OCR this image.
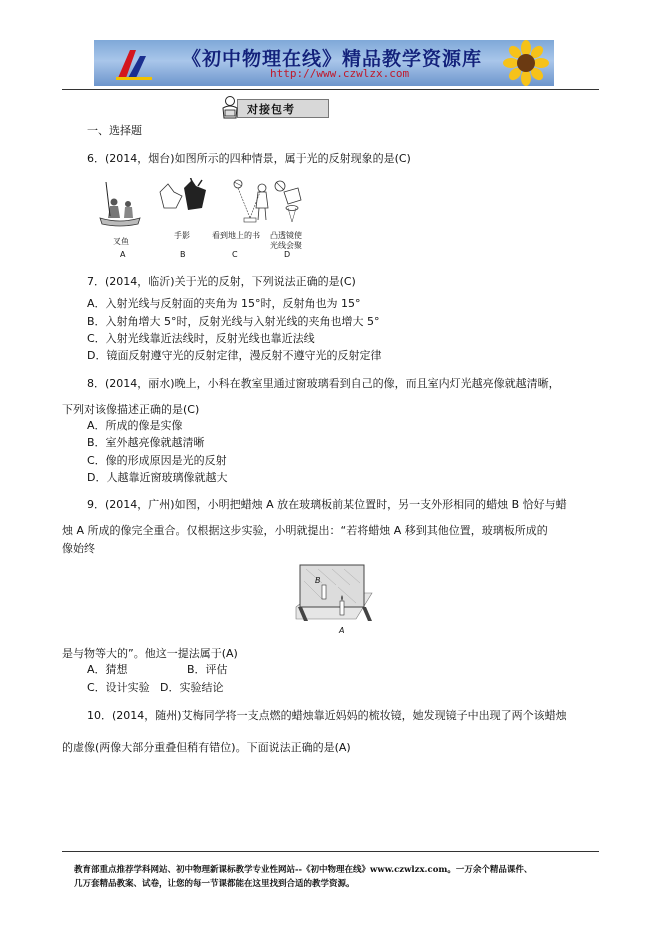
《初中物理在线》精品教学资源库
http://www.czwlzx.com
对接包考
一、选择题
6．(2014，烟台)如图所示的四种情景，属于光的反射现象的是(C)
叉鱼
手影	看到地上的书 凸透镜使
光线会聚
A	B	C	D
7．(2014，临沂)关于光的反射，下列说法正确的是(C)
A．入射光线与反射面的夹角为 15°时，反射角也为 15°
B．入射角增大 5°时，反射光线与入射光线的夹角也增大 5°
C．入射光线靠近法线时，反射光线也靠近法线
D．镜面反射遵守光的反射定律，漫反射不遵守光的反射定律
8．(2014，丽水)晚上，小科在教室里通过窗玻璃看到自己的像，而且室内灯光越亮像就越清晰，
下列对该像描述正确的是(C)
A．所成的像是实像
B．室外越亮像就越清晰
C．像的形成原因是光的反射
D．人越靠近窗玻璃像就越大
9．(2014，广州)如图，小明把蜡烛 A 放在玻璃板前某位置时，另一支外形相同的蜡烛 B 恰好与蜡
烛 A 所成的像完全重合。仅根据这步实验，小明就提出：“若将蜡烛 A 移到其他位置，玻璃板所成的
像始终
B
A
是与物等大的”。他这一提法属于(A)
A．猜想	B．评估
C．设计实验 D．实验结论
10．(2014，随州)艾梅同学将一支点燃的蜡烛靠近妈妈的梳妆镜，她发现镜子中出现了两个该蜡烛
的虚像(两像大部分重叠但稍有错位)。下面说法正确的是(A)
教育部重点推荐学科网站、初中物理新课标教学专业性网站--《初中物理在线》www.czwlzx.com。一万余个精品课件、
几万套精品教案、试卷，让您的每一节课都能在这里找到合适的教学资源。
